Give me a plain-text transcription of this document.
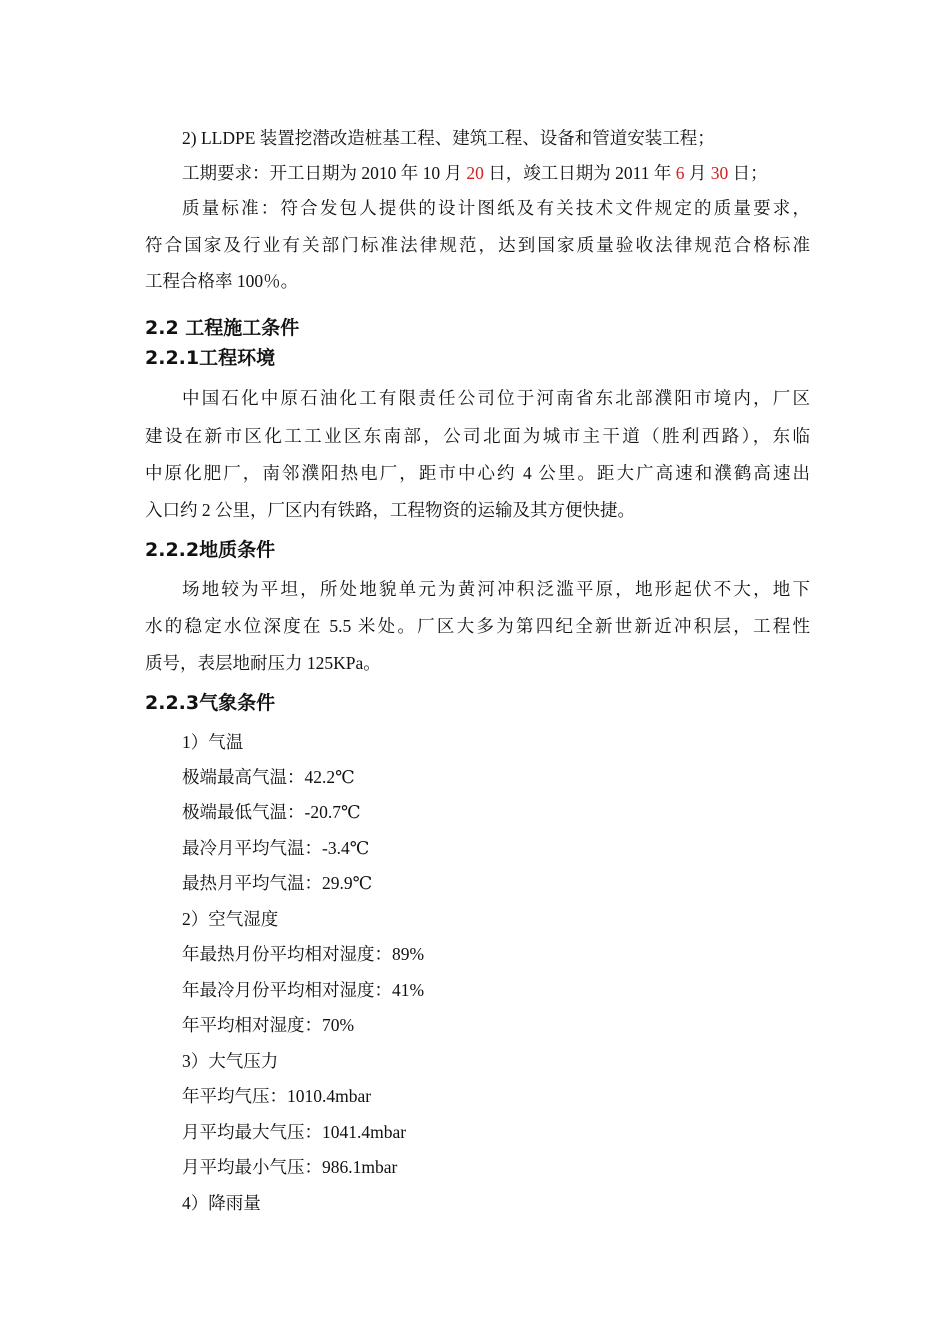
2) LLDPE 装置挖潜改造桩基工程、建筑工程、设备和管道安装工程；
工期要求：开工日期为 2010 年 10 月 20 日，竣工日期为 2011 年 6 月 30 日；
质量标准：符合发包人提供的设计图纸及有关技术文件规定的质量要求，
符合国家及行业有关部门标准法律规范，达到国家质量验收法律规范合格标准
工程合格率 100％。
2.2 工程施工条件
2.2.1工程环境
中国石化中原石油化工有限责任公司位于河南省东北部濮阳市境内，厂区
建设在新市区化工工业区东南部，公司北面为城市主干道（胜利西路），东临
中原化肥厂，南邻濮阳热电厂，距市中心约 4 公里。距大广高速和濮鹤高速出
入口约 2 公里，厂区内有铁路，工程物资的运输及其方便快捷。
2.2.2地质条件
场地较为平坦，所处地貌单元为黄河冲积泛滥平原，地形起伏不大，地下
水的稳定水位深度在 5.5 米处。厂区大多为第四纪全新世新近冲积层，工程性
质号，表层地耐压力 125KPa。
2.2.3气象条件
1）气温
极端最高气温：42.2℃
极端最低气温：-20.7℃
最冷月平均气温：-3.4℃
最热月平均气温：29.9℃
2）空气湿度
年最热月份平均相对湿度：89%
年最冷月份平均相对湿度：41%
年平均相对湿度：70%
3）大气压力
年平均气压：1010.4mbar
月平均最大气压：1041.4mbar
月平均最小气压：986.1mbar
4）降雨量
